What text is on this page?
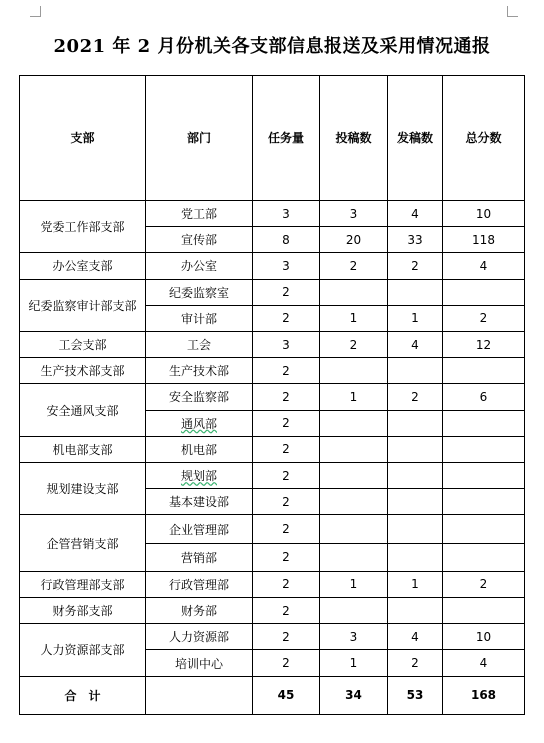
2021 年 2 月份机关各支部信息报送及采用情况通报
支部	部门	任务量	投稿数	发稿数	总分数
党委工作部支部	党工部	3	3	4	10
	宣传部	8	20	33	118
办公室支部	办公室	3	2	2	4
纪委监察审计部支部	纪委监察室	2			
	审计部	2	1	1	2
工会支部	工会	3	2	4	12
生产技术部支部	生产技术部	2			
安全通风支部	安全监察部	2	1	2	6
	通风部	2			
机电部支部	机电部	2			
规划建设支部	规划部	2			
	基本建设部	2			
企管营销支部	企业管理部	2			
	营销部	2			
行政管理部支部	行政管理部	2	1	1	2
财务部支部	财务部	2			
人力资源部支部	人力资源部	2	3	4	10
	培训中心	2	1	2	4
合　计		45	34	53	168
